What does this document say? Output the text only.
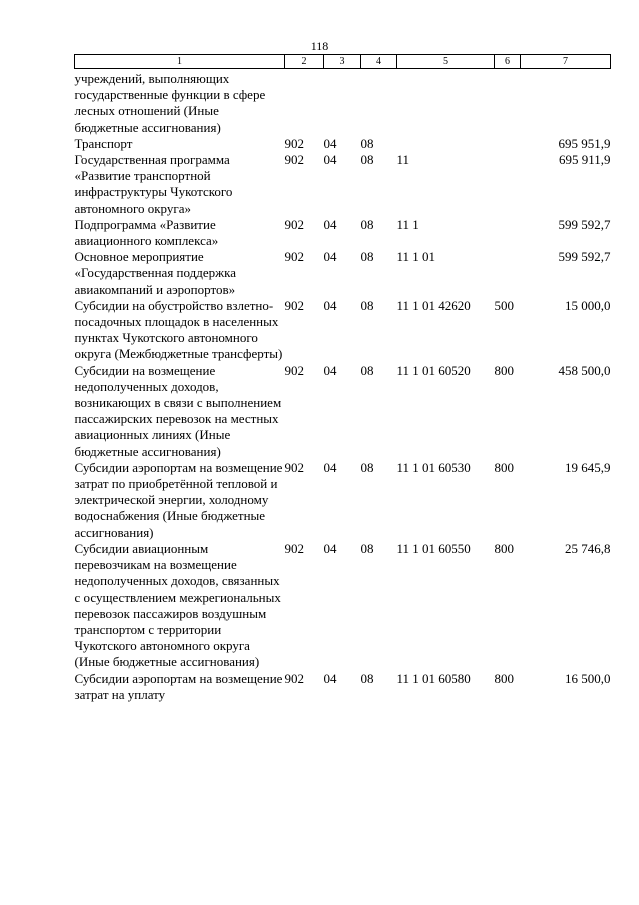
118
1	2	3	4	5	6	7
учреждений, выполняющих государственные функции в сфере лесных отношений (Иные бюджетные ассигнования)						
Транспорт	902	04	08			695 951,9
Государственная программа «Развитие транспортной инфраструктуры Чукотского автономного округа»	902	04	08	11		695 911,9
Подпрограмма «Развитие авиационного комплекса»	902	04	08	11 1		599 592,7
Основное мероприятие «Государственная поддержка авиакомпаний и аэропортов»	902	04	08	11 1 01		599 592,7
Субсидии на обустройство взлетно-посадочных площадок в населенных пунктах Чукотского автономного округа (Межбюджетные трансферты)	902	04	08	11 1 01 42620	500	15 000,0
Субсидии на возмещение недополученных доходов, возникающих в связи с выполнением пассажирских перевозок на местных авиационных линиях (Иные бюджетные ассигнования)	902	04	08	11 1 01 60520	800	458 500,0
Субсидии аэропортам на возмещение затрат по приобретённой тепловой и электрической энергии, холодному водоснабжения (Иные бюджетные ассигнования)	902	04	08	11 1 01 60530	800	19 645,9
Субсидии авиационным перевозчикам на возмещение недополученных доходов, связанных с осуществлением межрегиональных перевозок пассажиров воздушным транспортом с территории Чукотского автономного округа (Иные бюджетные ассигнования)	902	04	08	11 1 01 60550	800	25 746,8
Субсидии аэропортам на возмещение затрат на уплату	902	04	08	11 1 01 60580	800	16 500,0
